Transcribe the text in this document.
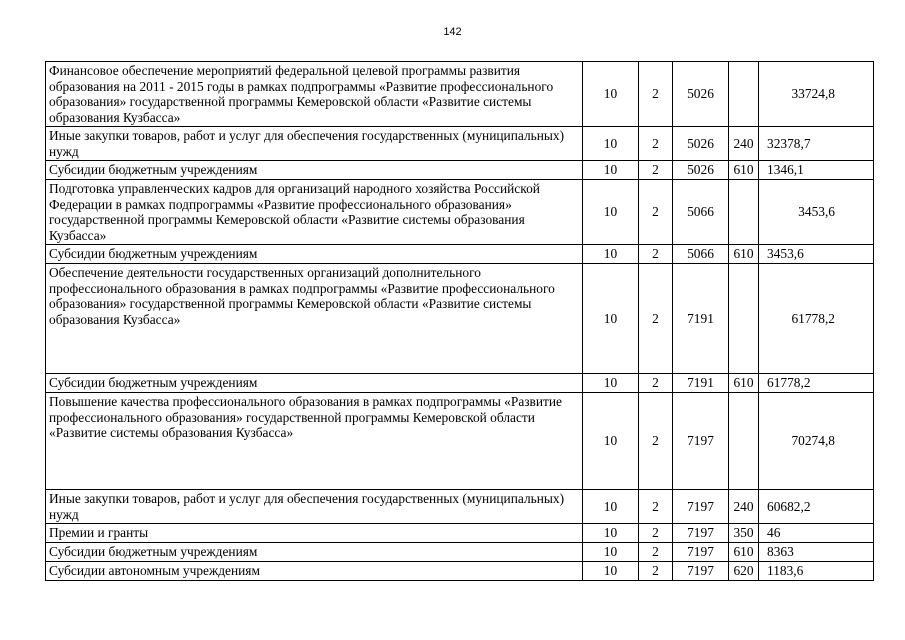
142
Финансовое обеспечение мероприятий федеральной целевой программы развития образования на 2011 - 2015 годы в рамках подпрограммы «Развитие профессионального образования» государственной программы Кемеровской области «Развитие системы образования Кузбасса»	10	2	5026		33724,8
Иные закупки товаров, работ и услуг для обеспечения государственных (муниципальных) нужд	10	2	5026	240	32378,7
Субсидии бюджетным учреждениям	10	2	5026	610	1346,1
Подготовка управленческих кадров для организаций народного хозяйства Российской Федерации в рамках подпрограммы «Развитие профессионального образования» государственной программы Кемеровской области «Развитие системы образования Кузбасса»	10	2	5066		3453,6
Субсидии бюджетным учреждениям	10	2	5066	610	3453,6
Обеспечение деятельности государственных организаций дополнительного профессионального образования в рамках подпрограммы «Развитие профессионального образования» государственной программы Кемеровской области «Развитие системы образования Кузбасса»	10	2	7191		61778,2
Субсидии бюджетным учреждениям	10	2	7191	610	61778,2
Повышение качества профессионального образования в рамках подпрограммы «Развитие профессионального образования» государственной программы Кемеровской области «Развитие системы образования Кузбасса»	10	2	7197		70274,8
Иные закупки товаров, работ и услуг для обеспечения государственных (муниципальных) нужд	10	2	7197	240	60682,2
Премии и гранты	10	2	7197	350	46
Субсидии бюджетным учреждениям	10	2	7197	610	8363
Субсидии автономным учреждениям	10	2	7197	620	1183,6
